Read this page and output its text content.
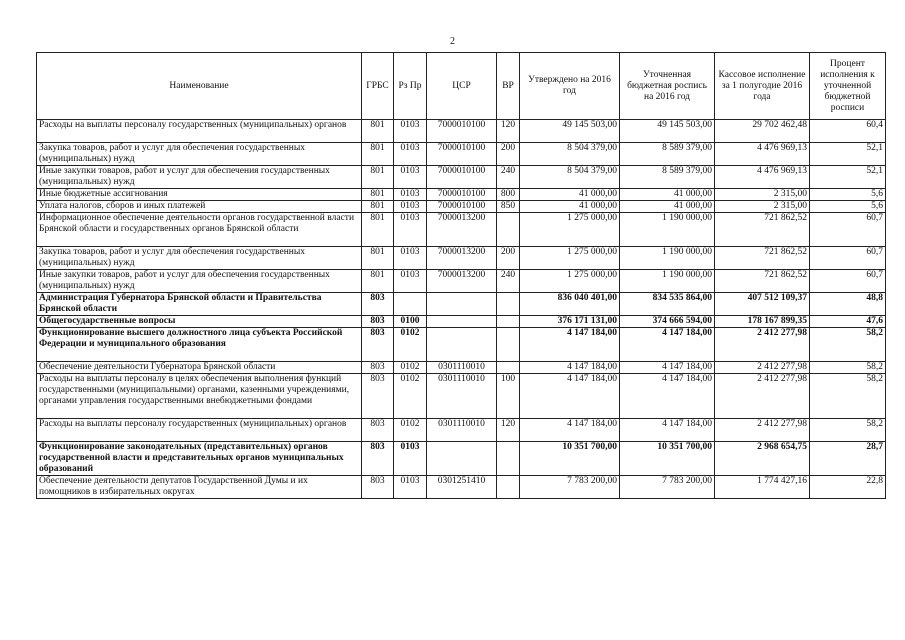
2
Наименование	ГРБС	Рз Пр	ЦСР	ВР	Утверждено на 2016 год	Уточненная бюджетная роспись на 2016 год	Кассовое исполнение за 1 полугодие 2016 года	Процент исполнения к уточненной бюджетной росписи
Расходы на выплаты персоналу государственных (муниципальных) органов	801	0103	7000010100	120	49 145 503,00	49 145 503,00	29 702 462,48	60,4
Закупка товаров, работ и услуг для обеспечения государственных (муниципальных) нужд	801	0103	7000010100	200	8 504 379,00	8 589 379,00	4 476 969,13	52,1
Иные закупки товаров, работ и услуг для обеспечения государственных (муниципальных) нужд	801	0103	7000010100	240	8 504 379,00	8 589 379,00	4 476 969,13	52,1
Иные бюджетные ассигнования	801	0103	7000010100	800	41 000,00	41 000,00	2 315,00	5,6
Уплата налогов, сборов и иных платежей	801	0103	7000010100	850	41 000,00	41 000,00	2 315,00	5,6
Информационное обеспечение деятельности органов государственной власти Брянской области и государственных органов Брянской области	801	0103	7000013200		1 275 000,00	1 190 000,00	721 862,52	60,7
Закупка товаров, работ и услуг для обеспечения государственных (муниципальных) нужд	801	0103	7000013200	200	1 275 000,00	1 190 000,00	721 862,52	60,7
Иные закупки товаров, работ и услуг для обеспечения государственных (муниципальных) нужд	801	0103	7000013200	240	1 275 000,00	1 190 000,00	721 862,52	60,7
Администрация Губернатора Брянской области и Правительства Брянской области	803				836 040 401,00	834 535 864,00	407 512 109,37	48,8
Общегосударственные вопросы	803	0100			376 171 131,00	374 666 594,00	178 167 899,35	47,6
Функционирование высшего должностного лица субъекта Российской Федерации и муниципального образования	803	0102			4 147 184,00	4 147 184,00	2 412 277,98	58,2
Обеспечение деятельности Губернатора Брянской области	803	0102	0301110010		4 147 184,00	4 147 184,00	2 412 277,98	58,2
Расходы на выплаты персоналу в целях обеспечения выполнения функций государственными (муниципальными) органами, казенными учреждениями, органами управления государственными внебюджетными фондами	803	0102	0301110010	100	4 147 184,00	4 147 184,00	2 412 277,98	58,2
Расходы на выплаты персоналу государственных (муниципальных) органов	803	0102	0301110010	120	4 147 184,00	4 147 184,00	2 412 277,98	58,2
Функционирование законодательных (представительных) органов государственной власти и представительных органов муниципальных образований	803	0103			10 351 700,00	10 351 700,00	2 968 654,75	28,7
Обеспечение деятельности депутатов Государственной Думы и их помощников в избирательных округах	803	0103	0301251410		7 783 200,00	7 783 200,00	1 774 427,16	22,8
